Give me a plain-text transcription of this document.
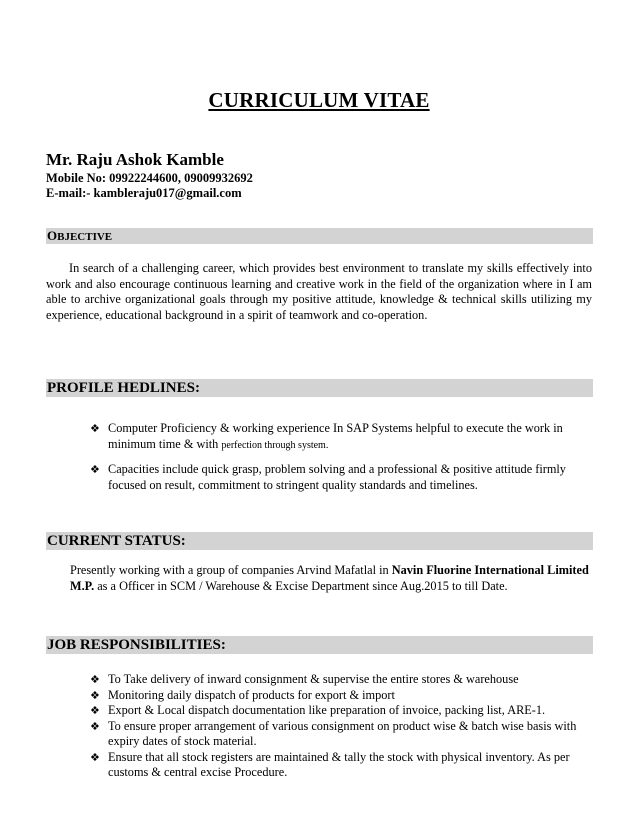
CURRICULUM VITAE
Mr. Raju Ashok Kamble
Mobile No: 09922244600, 09009932692
E-mail:- kambleraju017@gmail.com
OBJECTIVE
In search of a challenging career, which provides best environment to translate my skills effectively into work and also encourage continuous learning and creative work in the field of the organization where in I am able to archive organizational goals through my positive attitude, knowledge & technical skills utilizing my experience, educational background in a spirit of teamwork and co-operation.
PROFILE HEDLINES:
❖ Computer Proficiency & working experience In SAP Systems helpful to execute the work in minimum time & with perfection through system.
❖ Capacities include quick grasp, problem solving and a professional & positive attitude firmly focused on result, commitment to stringent quality standards and timelines.
CURRENT STATUS:
Presently working with a group of companies Arvind Mafatlal in Navin Fluorine International Limited M.P. as a Officer in SCM / Warehouse & Excise Department since Aug.2015 to till Date.
JOB RESPONSIBILITIES:
❖ To Take delivery of inward consignment & supervise the entire stores & warehouse
❖ Monitoring daily dispatch of products for export & import
❖ Export & Local dispatch documentation like preparation of invoice, packing list, ARE-1.
❖ To ensure proper arrangement of various consignment on product wise & batch wise basis with expiry dates of stock material.
❖ Ensure that all stock registers are maintained & tally the stock with physical inventory. As per customs & central excise Procedure.
